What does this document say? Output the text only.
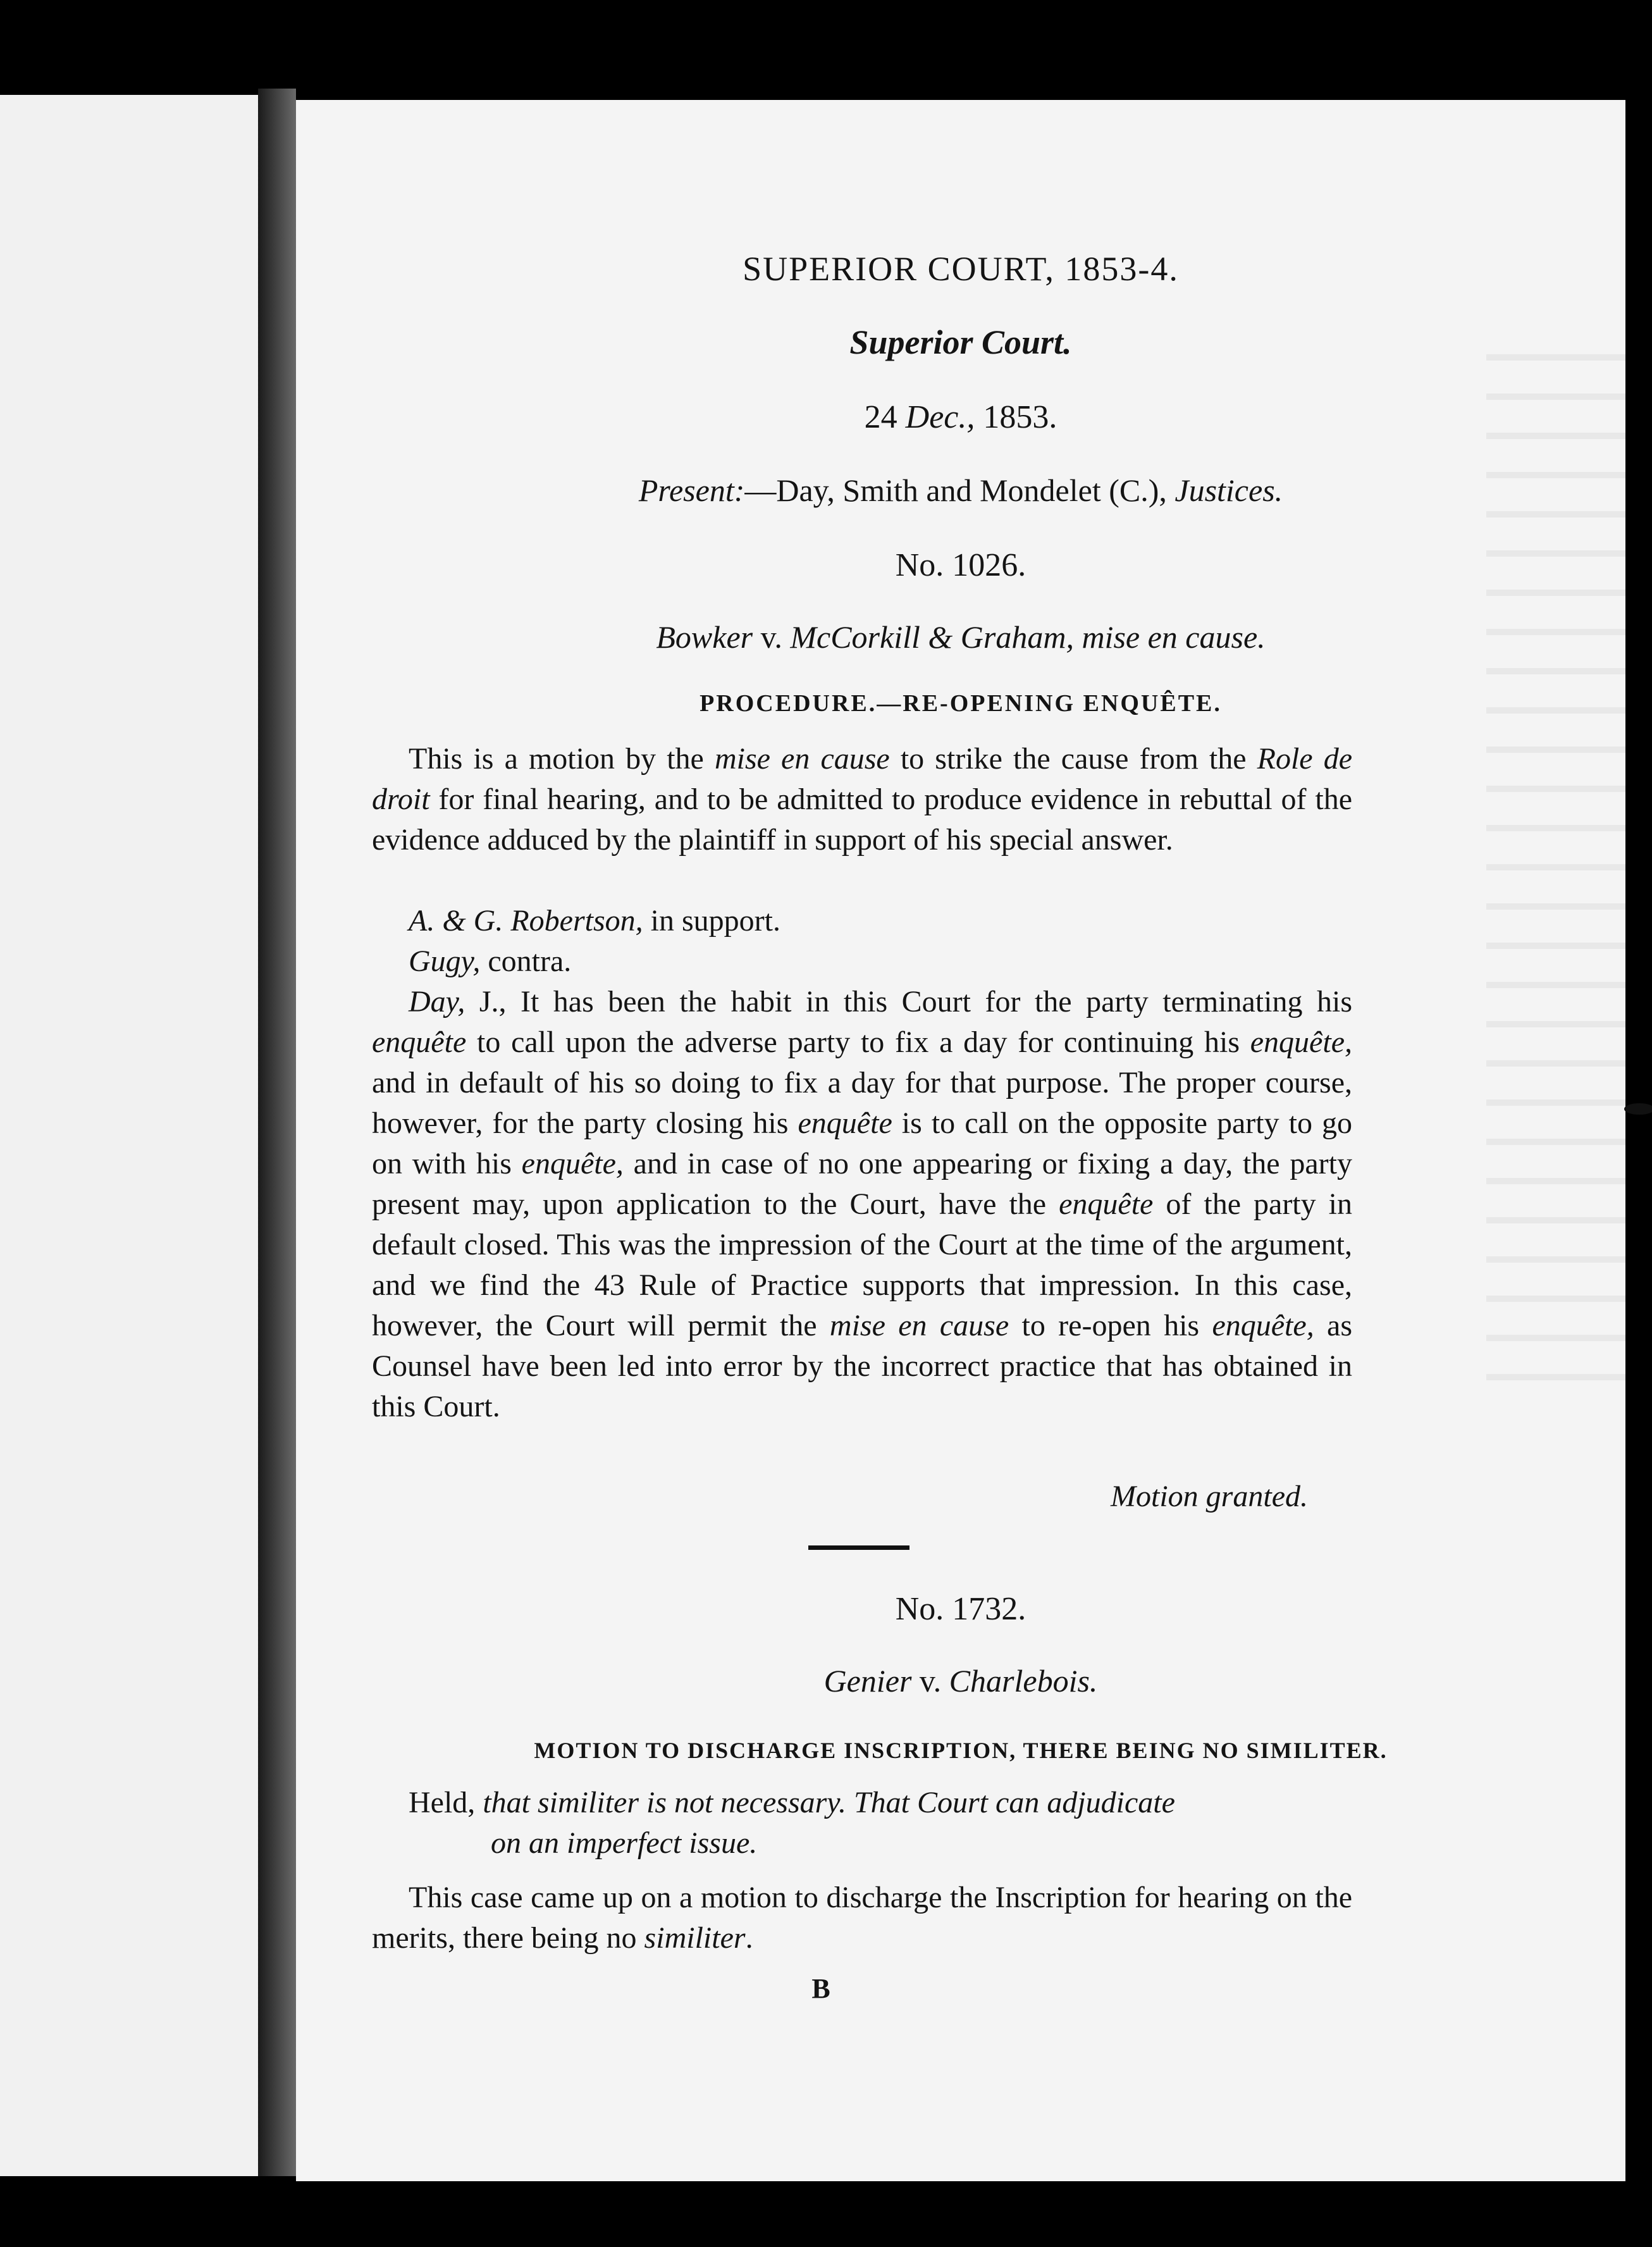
SUPERIOR COURT, 1853-4.
Superior Court.
24 Dec., 1853.
Present:—Day, Smith and Mondelet (C.), Justices.
No. 1026.
Bowker v. McCorkill & Graham, mise en cause.
PROCEDURE.—RE-OPENING ENQUÊTE.

This is a motion by the mise en cause to strike the cause from the Role de droit for final hearing, and to be admitted to produce evidence in rebuttal of the evidence adduced by the plaintiff in support of his special answer.

A. & G. Robertson, in support.

Gugy, contra.

Day, J., It has been the habit in this Court for the party terminating his enquête to call upon the adverse party to fix a day for continuing his enquête, and in default of his so doing to fix a day for that purpose. The proper course, however, for the party closing his enquête is to call on the opposite party to go on with his enquête, and in case of no one appearing or fixing a day, the party present may, upon application to the Court, have the enquête of the party in default closed. This was the impression of the Court at the time of the argument, and we find the 43 Rule of Practice supports that impression. In this case, however, the Court will permit the mise en cause to re-open his enquête, as Counsel have been led into error by the incorrect practice that has obtained in this Court.

Motion granted.
No. 1732.
Genier v. Charlebois.
MOTION TO DISCHARGE INSCRIPTION, THERE BEING NO SIMILITER.

Held, that similiter is not necessary. That Court can adjudicate
on an imperfect issue.

This case came up on a motion to discharge the Inscription for hearing on the merits, there being no similiter.

B
